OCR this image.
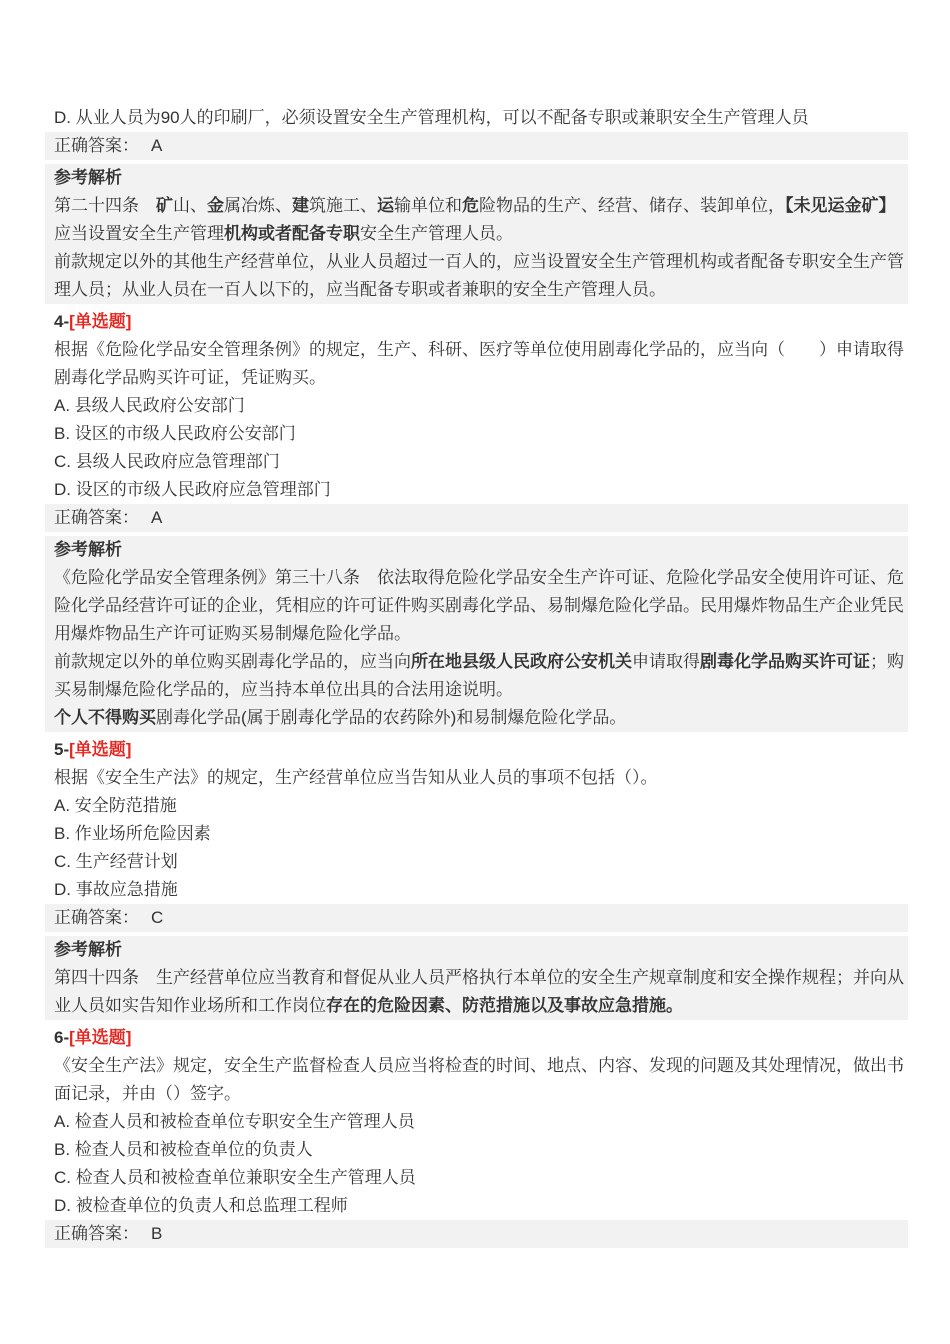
D. 从业人员为90人的印刷厂，必须设置安全生产管理机构，可以不配备专职或兼职安全生产管理人员

正确答案： A

参考解析

第二十四条　矿山、金属冶炼、建筑施工、运输单位和危险物品的生产、经营、储存、装卸单位，【未见运金矿】应当设置安全生产管理机构或者配备专职安全生产管理人员。

前款规定以外的其他生产经营单位，从业人员超过一百人的，应当设置安全生产管理机构或者配备专职安全生产管理人员；从业人员在一百人以下的，应当配备专职或者兼职的安全生产管理人员。

4-[单选题]

根据《危险化学品安全管理条例》的规定，生产、科研、医疗等单位使用剧毒化学品的，应当向（　　）申请取得剧毒化学品购买许可证，凭证购买。

A. 县级人民政府公安部门

B. 设区的市级人民政府公安部门

C. 县级人民政府应急管理部门

D. 设区的市级人民政府应急管理部门

正确答案： A

参考解析

《危险化学品安全管理条例》第三十八条　依法取得危险化学品安全生产许可证、危险化学品安全使用许可证、危险化学品经营许可证的企业，凭相应的许可证件购买剧毒化学品、易制爆危险化学品。民用爆炸物品生产企业凭民用爆炸物品生产许可证购买易制爆危险化学品。

前款规定以外的单位购买剧毒化学品的，应当向所在地县级人民政府公安机关申请取得剧毒化学品购买许可证；购买易制爆危险化学品的，应当持本单位出具的合法用途说明。

个人不得购买剧毒化学品(属于剧毒化学品的农药除外)和易制爆危险化学品。

5-[单选题]

根据《安全生产法》的规定，生产经营单位应当告知从业人员的事项不包括（）。

A. 安全防范措施

B. 作业场所危险因素

C. 生产经营计划

D. 事故应急措施

正确答案： C

参考解析

第四十四条　生产经营单位应当教育和督促从业人员严格执行本单位的安全生产规章制度和安全操作规程；并向从业人员如实告知作业场所和工作岗位存在的危险因素、防范措施以及事故应急措施。

6-[单选题]

《安全生产法》规定，安全生产监督检查人员应当将检查的时间、地点、内容、发现的问题及其处理情况，做出书面记录，并由（）签字。

A. 检查人员和被检查单位专职安全生产管理人员

B. 检查人员和被检查单位的负责人

C. 检查人员和被检查单位兼职安全生产管理人员

D. 被检查单位的负责人和总监理工程师

正确答案： B
